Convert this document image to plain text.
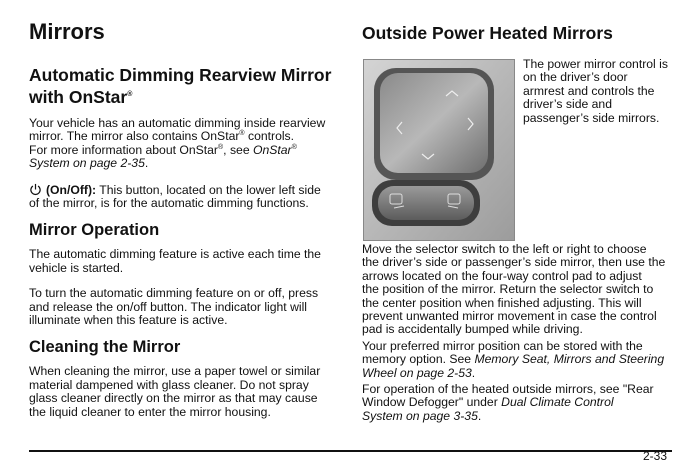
Mirrors
Automatic Dimming Rearview Mirror
with OnStar®

Your vehicle has an automatic dimming inside rearview
mirror. The mirror also contains OnStar® controls.
For more information about OnStar®, see OnStar®
System on page 2-35.

(On/Off): This button, located on the lower left side
of the mirror, is for the automatic dimming functions.

Mirror Operation

The automatic dimming feature is active each time the
vehicle is started.

To turn the automatic dimming feature on or off, press
and release the on/off button. The indicator light will
illuminate when this feature is active.

Cleaning the Mirror

When cleaning the mirror, use a paper towel or similar
material dampened with glass cleaner. Do not spray
glass cleaner directly on the mirror as that may cause
the liquid cleaner to enter the mirror housing.

Outside Power Heated Mirrors

The power mirror control is
on the driver’s door
armrest and controls the
driver’s side and
passenger’s side mirrors.

Move the selector switch to the left or right to choose
the driver’s side or passenger’s side mirror, then use the
arrows located on the four-way control pad to adjust
the position of the mirror. Return the selector switch to
the center position when finished adjusting. This will
prevent unwanted mirror movement in case the control
pad is accidentally bumped while driving.

Your preferred mirror position can be stored with the
memory option. See Memory Seat, Mirrors and Steering
Wheel on page 2-53.

For operation of the heated outside mirrors, see "Rear
Window Defogger" under Dual Climate Control
System on page 3-35.

2-33
